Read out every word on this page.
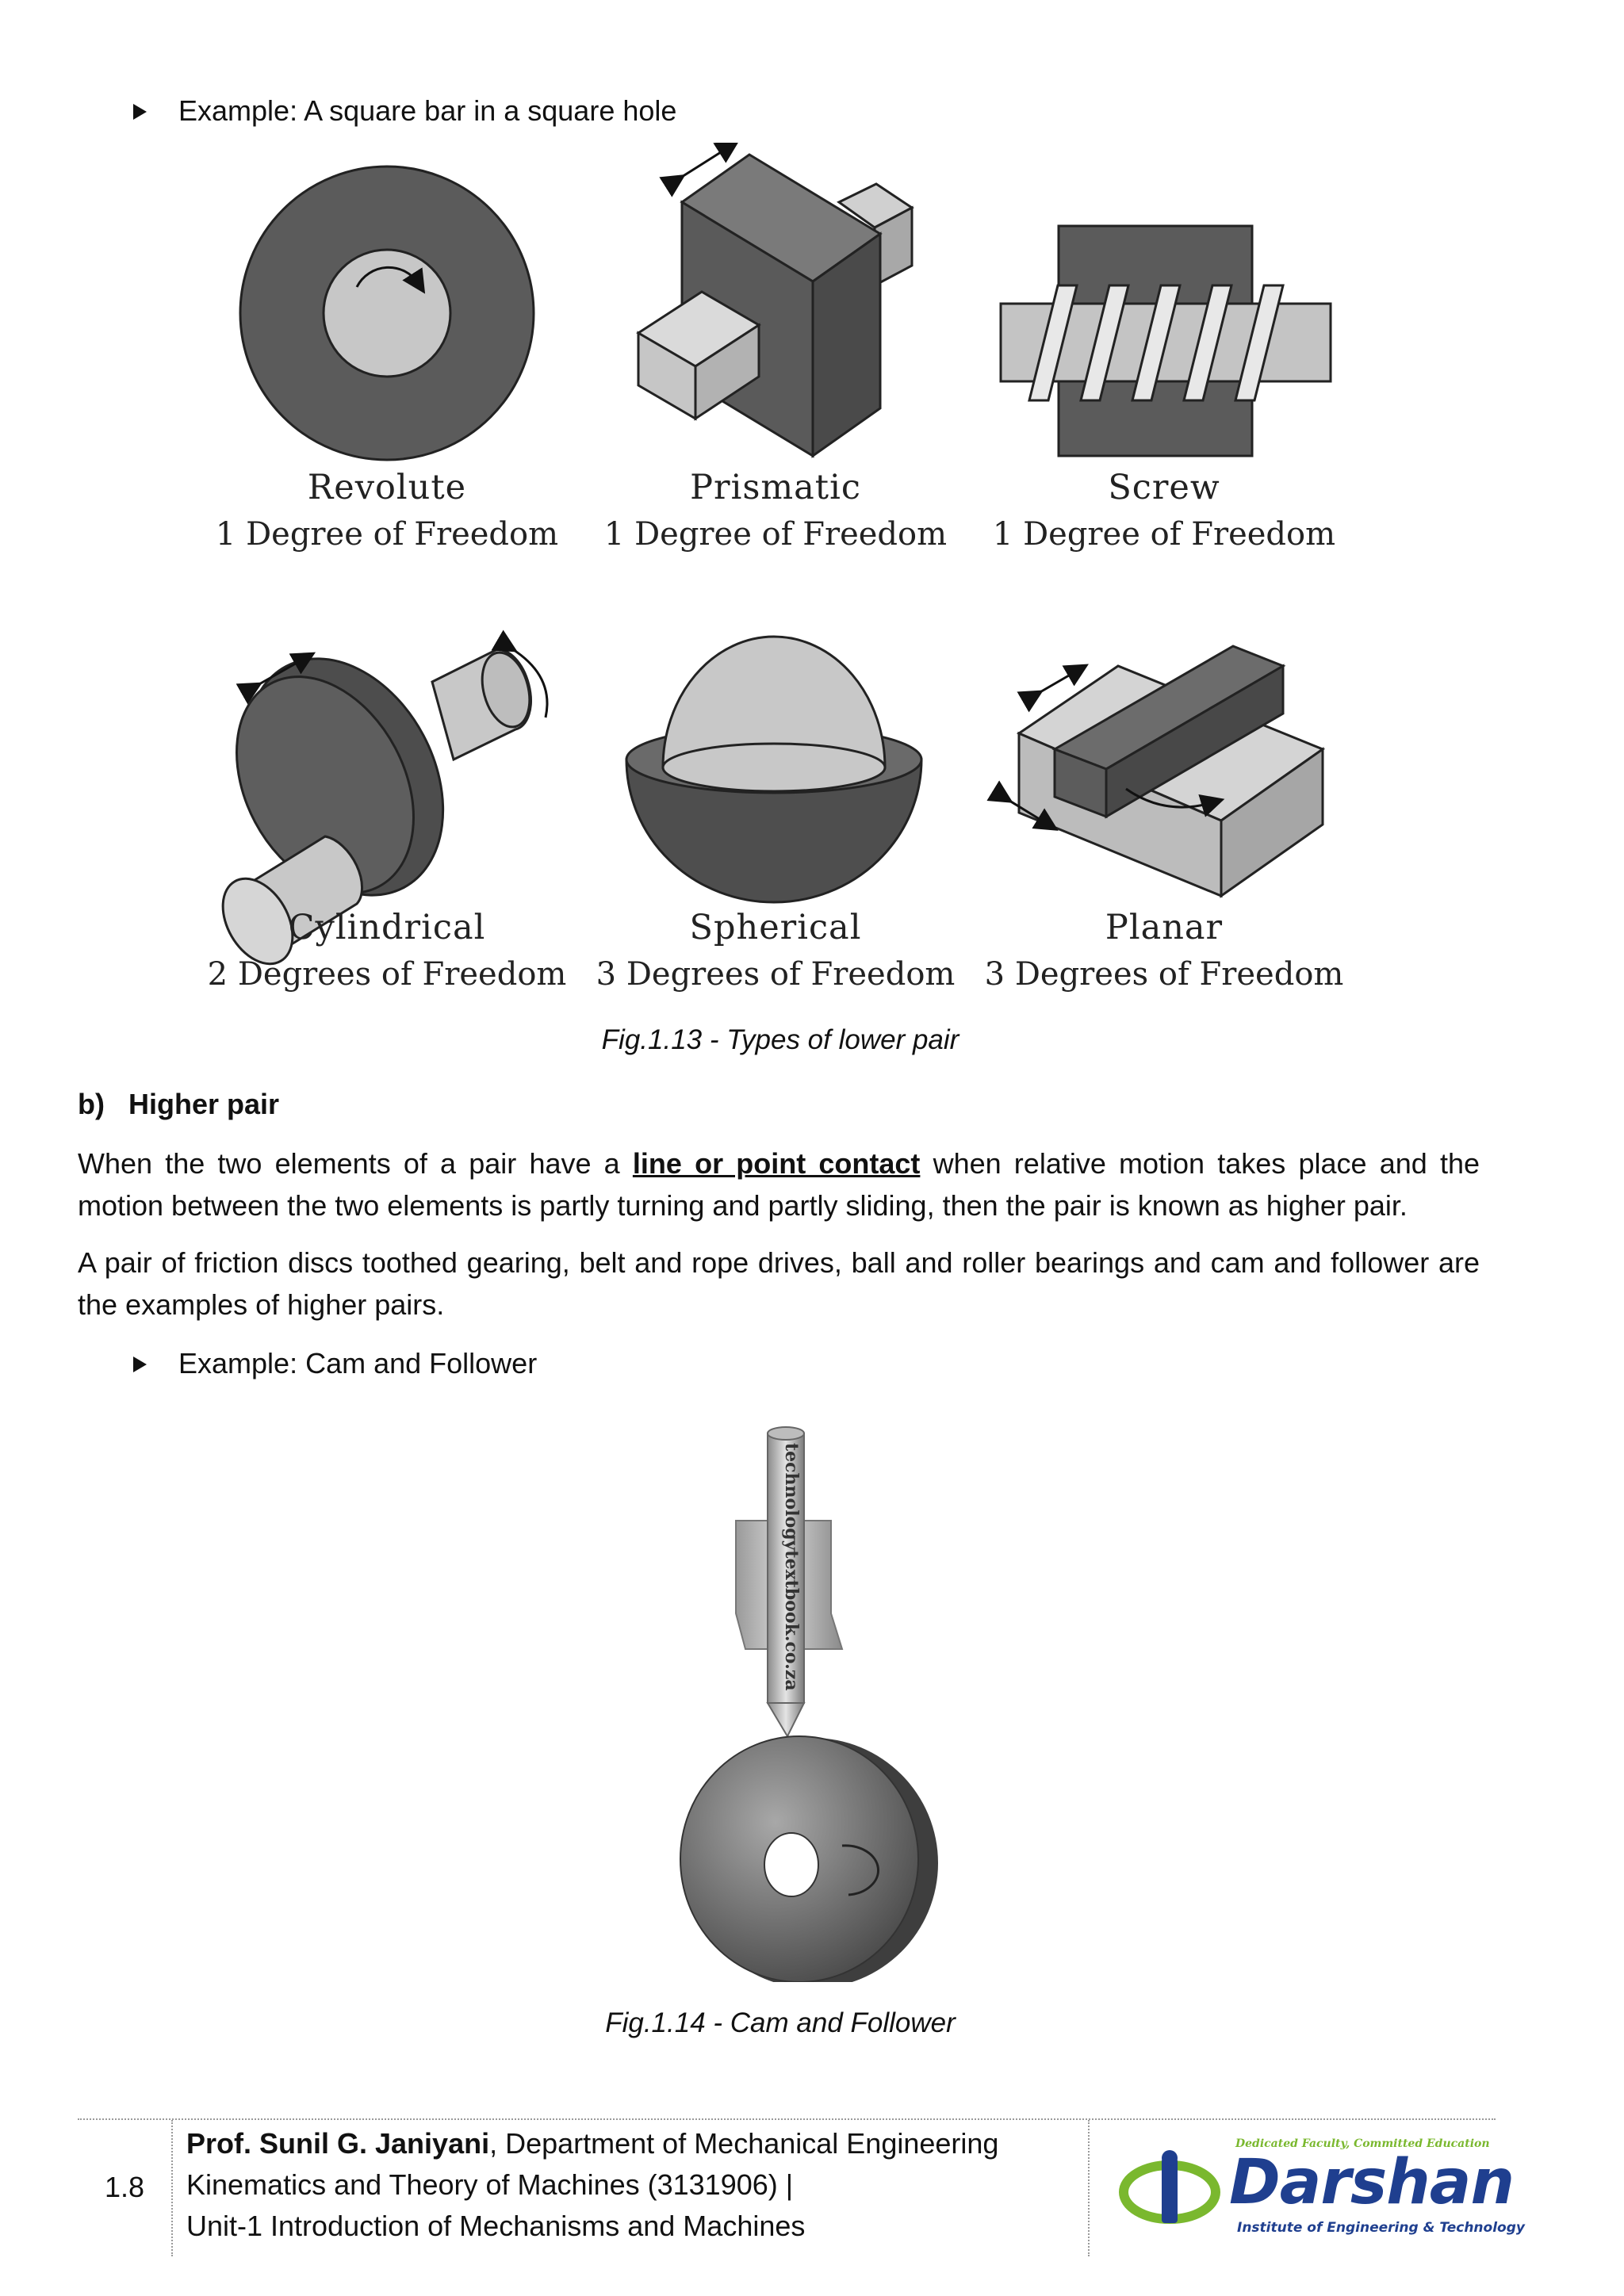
Example: A square bar in a square hole
Revolute
1 Degree of Freedom
Prismatic
1 Degree of Freedom
Screw
1 Degree of Freedom
Cylindrical
2 Degrees of Freedom
Spherical
3 Degrees of Freedom
Planar
3 Degrees of Freedom
Fig.1.13 - Types of lower pair
b)   Higher pair
When the two elements of a pair have a line or point contact when relative motion takes place and the motion between the two elements is partly turning and partly sliding, then the pair is known as higher pair.
A pair of friction discs toothed gearing, belt and rope drives, ball and roller bearings and cam and follower are the examples of higher pairs.
Example: Cam and Follower
technologytextbook.co.za
Fig.1.14 - Cam and Follower
1.8
Prof. Sunil G. Janiyani, Department of Mechanical Engineering
Kinematics and Theory of Machines (3131906) |
Unit-1 Introduction of Mechanisms and Machines
Dedicated Faculty, Committed Education
Darshan
Institute of Engineering & Technology
